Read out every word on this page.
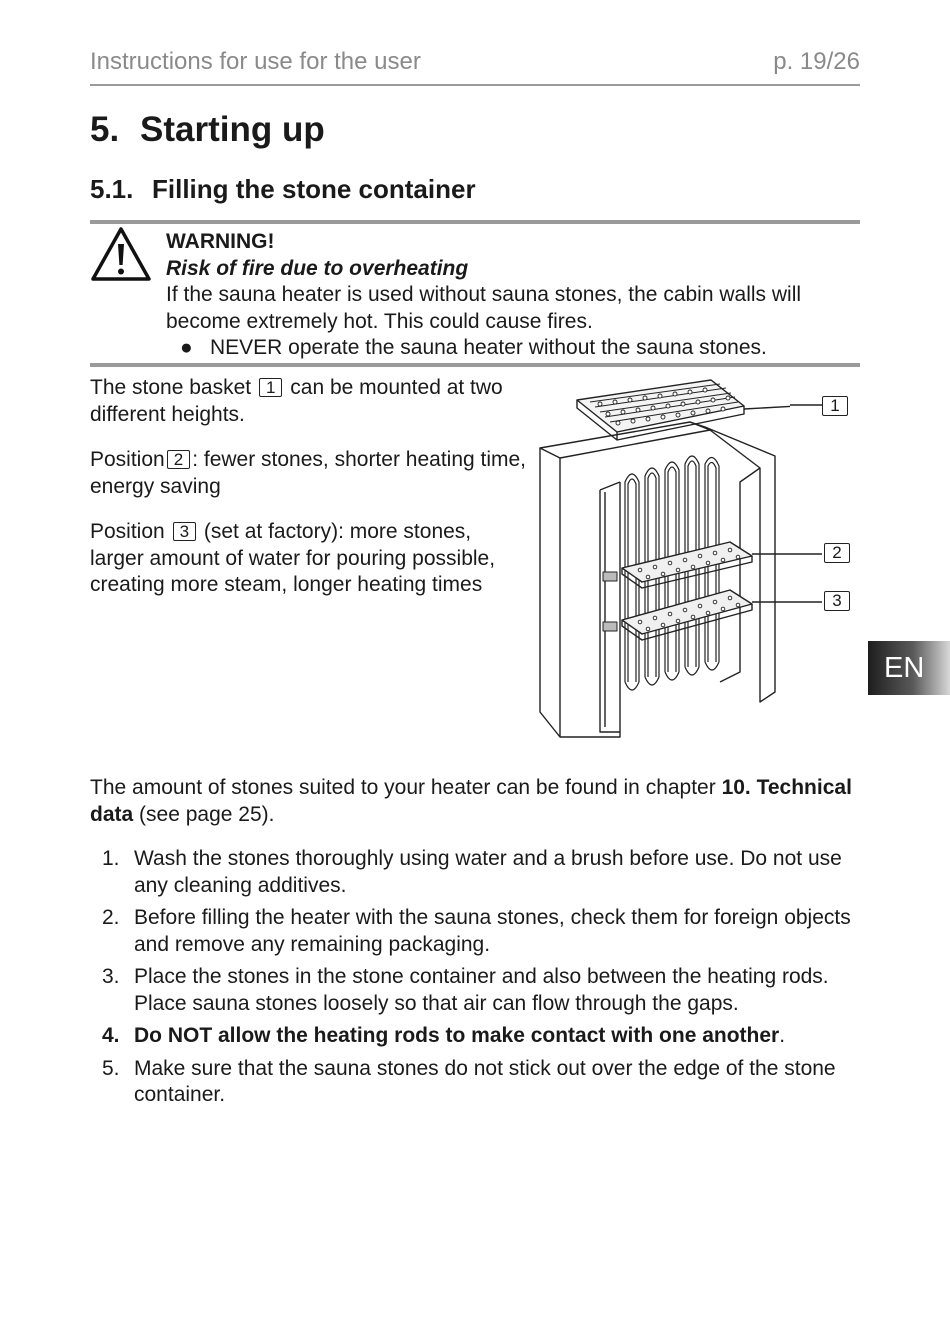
Instructions for use for the user	p. 19/26
5. Starting up
5.1. Filling the stone container
WARNING!
Risk of fire due to overheating
If the sauna heater is used without sauna stones, the cabin walls will become extremely hot. This could cause fires.
● NEVER operate the sauna heater without the sauna stones.
The stone basket 1 can be mounted at two different heights.
Position 2 : fewer stones, shorter heating time, energy saving
Position 3 (set at factory): more stones, larger amount of water for pouring possible, creating more steam, longer heating times
1
2
3
EN
The amount of stones suited to your heater can be found in chapter 10. Technical data (see page 25).
1. Wash the stones thoroughly using water and a brush before use. Do not use any cleaning additives.
2. Before filling the heater with the sauna stones, check them for foreign objects and remove any remaining packaging.
3. Place the stones in the stone container and also between the heating rods. Place sauna stones loosely so that air can flow through the gaps.
4. Do NOT allow the heating rods to make contact with one another.
5. Make sure that the sauna stones do not stick out over the edge of the stone container.
